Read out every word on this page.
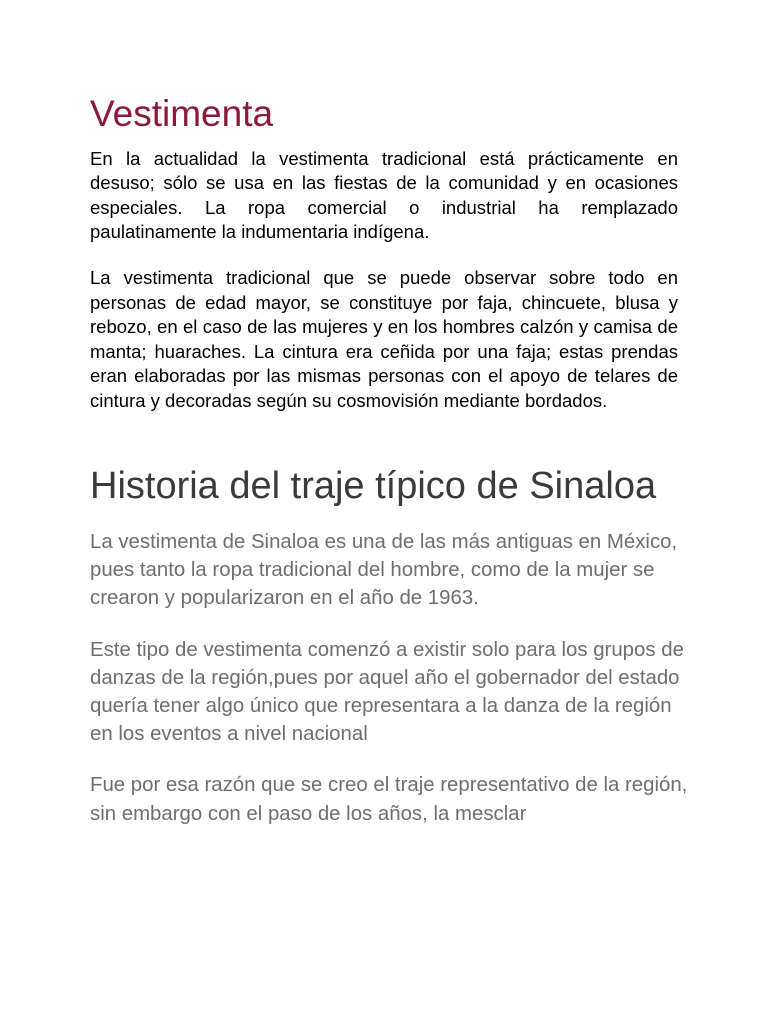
Vestimenta

En la actualidad la vestimenta tradicional está prácticamente en desuso; sólo se usa en las fiestas de la comunidad y en ocasiones especiales. La ropa comercial o industrial ha remplazado paulatinamente la indumentaria indígena.

La vestimenta tradicional que se puede observar sobre todo en personas de edad mayor, se constituye por faja, chincuete, blusa y rebozo, en el caso de las mujeres y en los hombres calzón y camisa de manta; huaraches. La cintura era ceñida por una faja; estas prendas eran elaboradas por las mismas personas con el apoyo de telares de cintura y decoradas según su cosmovisión mediante bordados.

Historia del traje típico de Sinaloa

La vestimenta de Sinaloa es una de las más antiguas en México, pues tanto la ropa tradicional del hombre, como de la mujer se crearon y popularizaron en el año de 1963.

Este tipo de vestimenta comenzó a existir solo para los grupos de danzas de la región,pues por aquel año el gobernador del estado quería tener algo único que representara a la danza de la región en los eventos a nivel nacional

Fue por esa razón que se creo el traje representativo de la región, sin embargo con el paso de los años, la mesclar
